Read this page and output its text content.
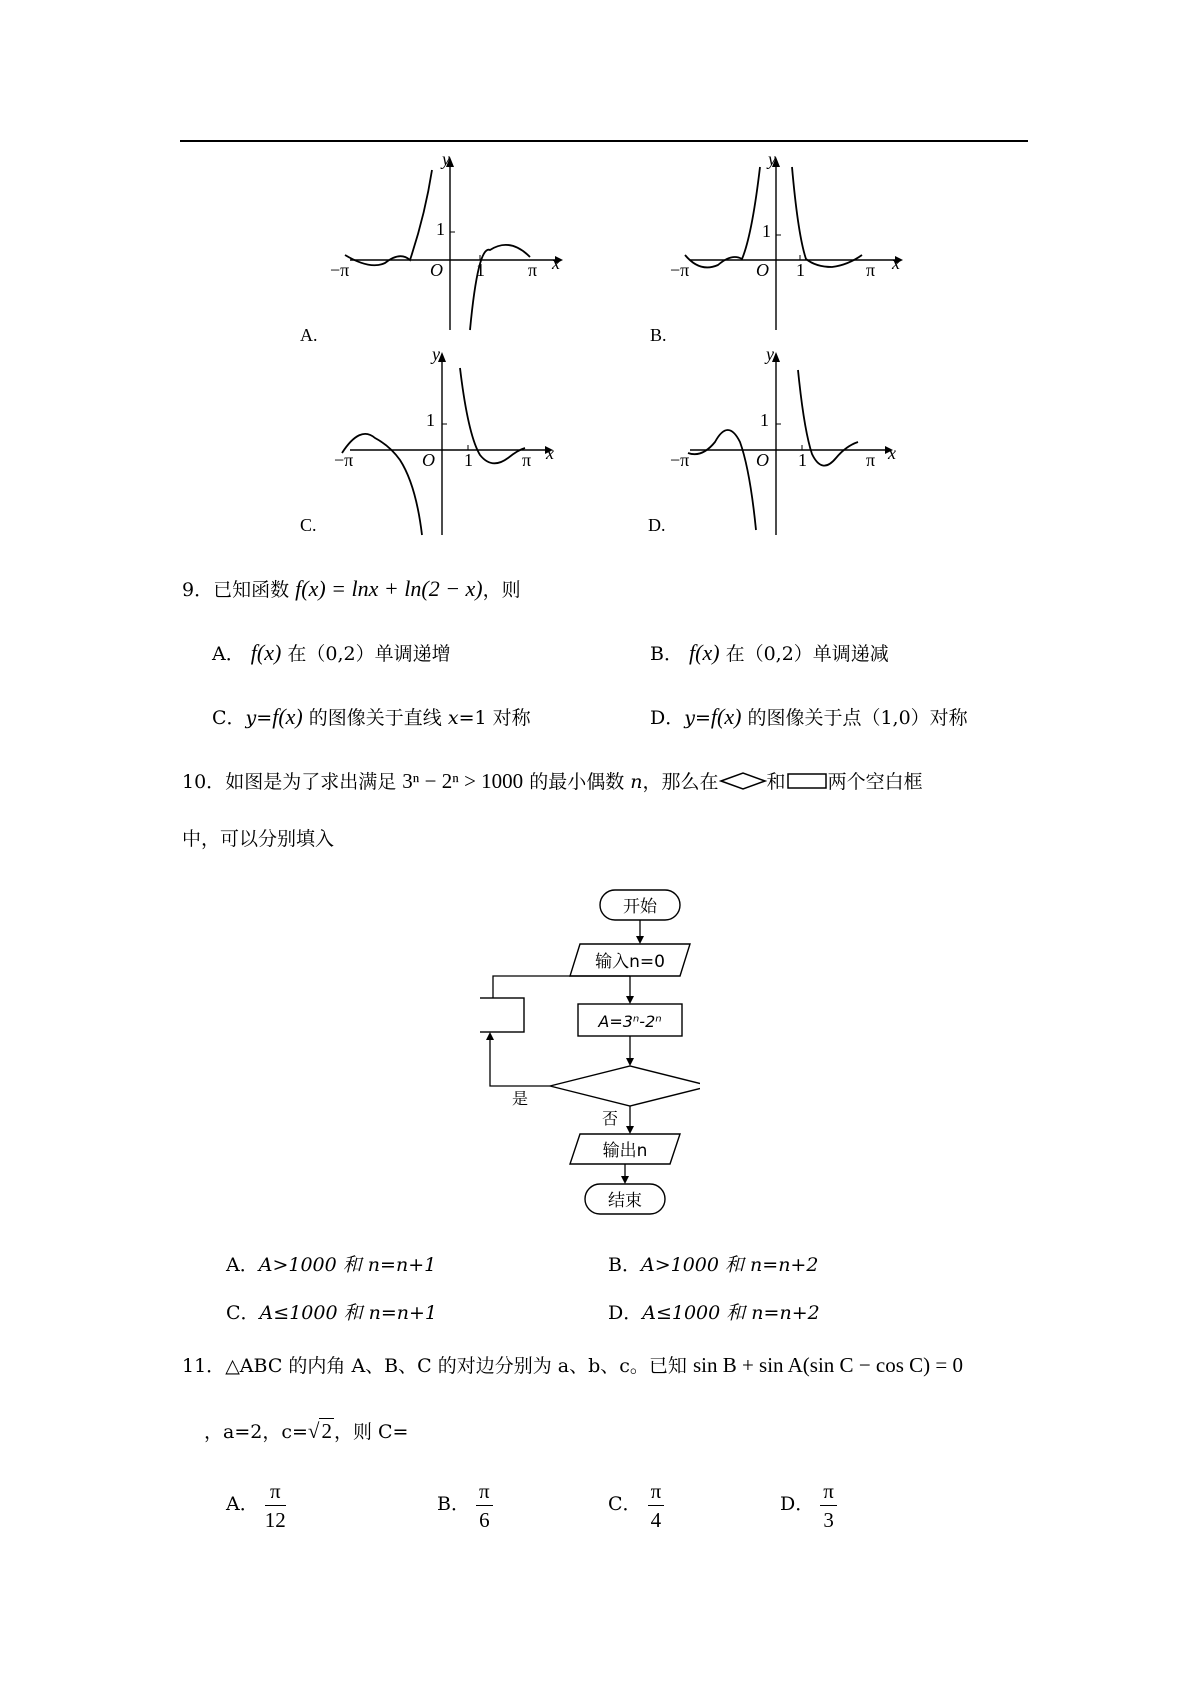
y
x
1
O 1
−π	π
A.
y
x
1
O 1
−π	π
B.
y
x
1
O 1
−π	π
C.
y
x
1
O 1
−π	π
D.
9．已知函数 f(x) = lnx + ln(2 − x)，则
A． f(x) 在（0,2）单调递增	B． f(x) 在（0,2）单调递减
C．y=f(x) 的图像关于直线 x=1 对称	D．y=f(x) 的图像关于点（1,0）对称
10．如图是为了求出满足 3ⁿ − 2ⁿ > 1000 的最小偶数 n，那么在	和 两个空白框
中，可以分别填入
开始
输入n=0
A=3ⁿ-2ⁿ
是
否
输出n
结束
A．A>1000 和 n=n+1	B．A>1000 和 n=n+2
C．A≤1000 和 n=n+1	D．A≤1000 和 n=n+2
11．△ABC 的内角 A、B、C 的对边分别为 a、b、c。已知 sin B + sin A(sin C − cos C) = 0
，a=2，c=√2 ，则 C=
A． $\frac{\pi}{12}$	B． $\frac{\pi}{6}$	C． $\frac{\pi}{4}$	D． $\frac{\pi}{3}$
